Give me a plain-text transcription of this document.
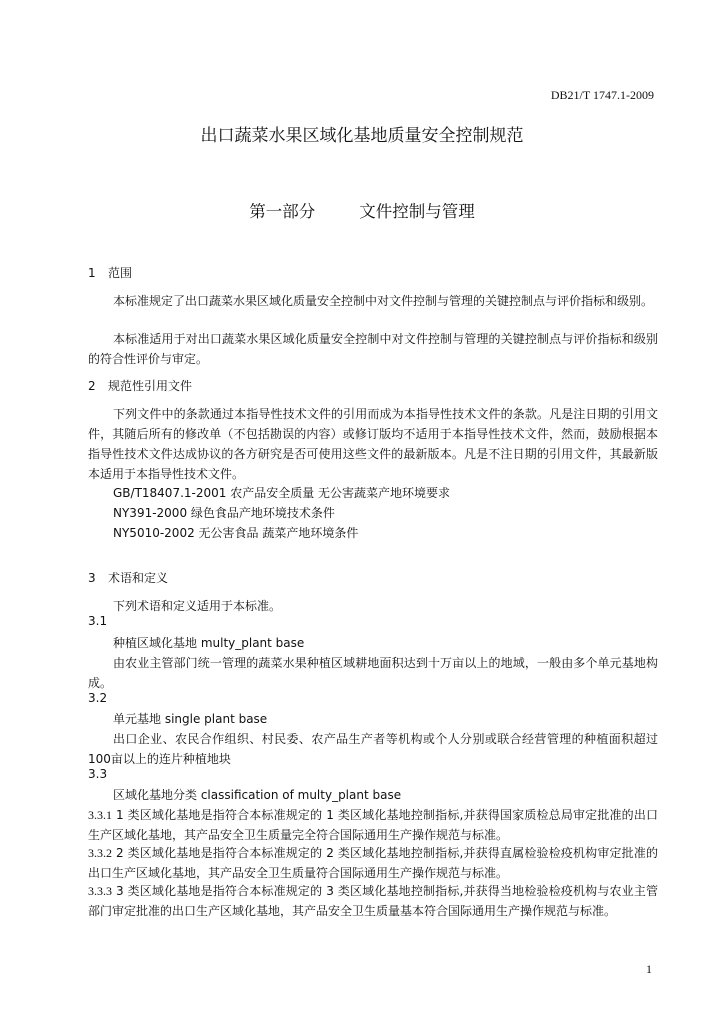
DB21/T 1747.1-2009
出口蔬菜水果区域化基地质量安全控制规范
第一部分	文件控制与管理
1 范围
本标准规定了出口蔬菜水果区域化质量安全控制中对文件控制与管理的关键控制点与评价指标和级别。
本标准适用于对出口蔬菜水果区域化质量安全控制中对文件控制与管理的关键控制点与评价指标和级别的符合性评价与审定。
2 规范性引用文件
下列文件中的条款通过本指导性技术文件的引用而成为本指导性技术文件的条款。凡是注日期的引用文件，其随后所有的修改单（不包括勘误的内容）或修订版均不适用于本指导性技术文件，然而，鼓励根据本指导性技术文件达成协议的各方研究是否可使用这些文件的最新版本。凡是不注日期的引用文件，其最新版本适用于本指导性技术文件。
GB/T18407.1-2001 农产品安全质量 无公害蔬菜产地环境要求
NY391-2000 绿色食品产地环境技术条件
NY5010-2002 无公害食品 蔬菜产地环境条件
3 术语和定义
下列术语和定义适用于本标准。
3.1
种植区域化基地 multy_plant base
由农业主管部门统一管理的蔬菜水果种植区域耕地面积达到十万亩以上的地域，一般由多个单元基地构成。
3.2
单元基地 single plant base
出口企业、农民合作组织、村民委、农产品生产者等机构或个人分别或联合经营管理的种植面积超过100亩以上的连片种植地块
3.3
区域化基地分类 classification of multy_plant base
3.3.1 1 类区域化基地是指符合本标准规定的 1 类区域化基地控制指标,并获得国家质检总局审定批准的出口生产区域化基地，其产品安全卫生质量完全符合国际通用生产操作规范与标准。
3.3.2 2 类区域化基地是指符合本标准规定的 2 类区域化基地控制指标,并获得直属检验检疫机构审定批准的出口生产区域化基地，其产品安全卫生质量符合国际通用生产操作规范与标准。
3.3.3 3 类区域化基地是指符合本标准规定的 3 类区域化基地控制指标,并获得当地检验检疫机构与农业主管部门审定批准的出口生产区域化基地，其产品安全卫生质量基本符合国际通用生产操作规范与标准。
1
